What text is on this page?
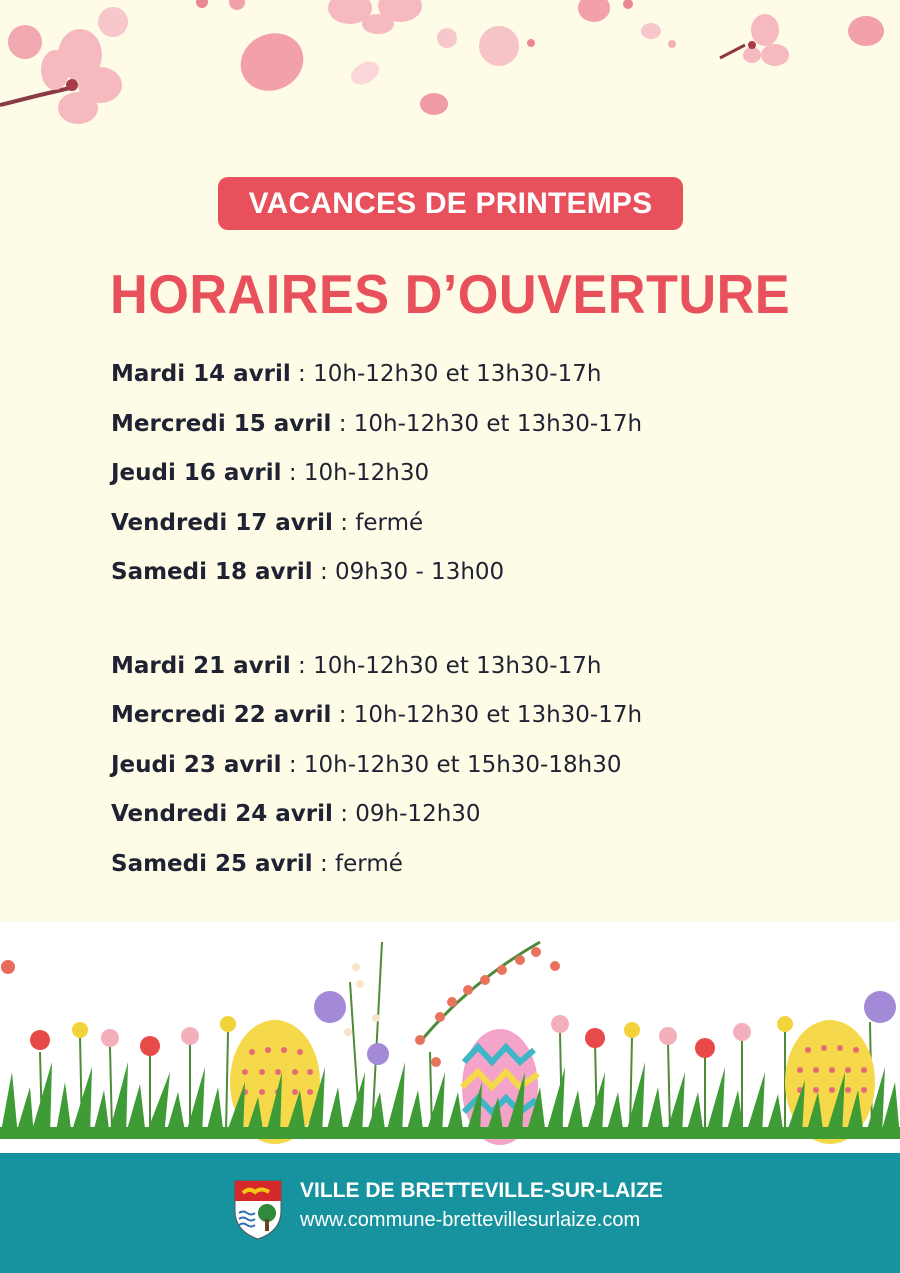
VACANCES DE PRINTEMPS
HORAIRES D’OUVERTURE
Mardi 14 avril : 10h-12h30 et 13h30-17h
Mercredi 15 avril : 10h-12h30 et 13h30-17h
Jeudi 16 avril : 10h-12h30
Vendredi 17 avril : fermé
Samedi 18 avril : 09h30 - 13h00
Mardi 21 avril : 10h-12h30 et 13h30-17h
Mercredi 22 avril : 10h-12h30 et 13h30-17h
Jeudi 23 avril : 10h-12h30 et 15h30-18h30
Vendredi 24 avril : 09h-12h30
Samedi 25 avril : fermé
VILLE DE BRETTEVILLE-SUR-LAIZE
www.commune-brettevillesurlaize.com
